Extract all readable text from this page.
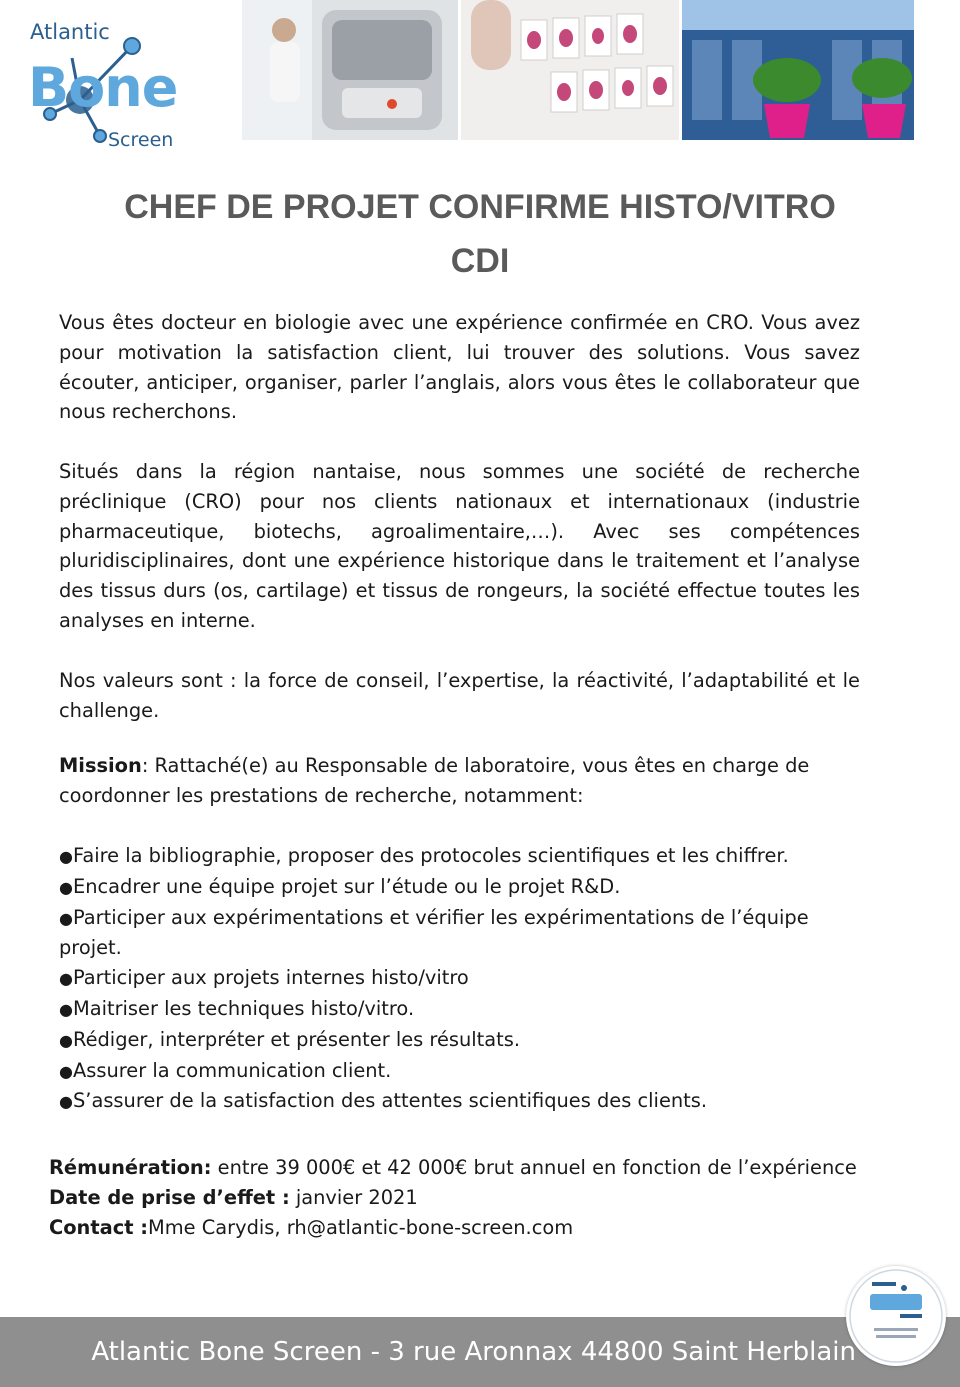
Atlantic
Bone
Screen
CHEF DE PROJET CONFIRME HISTO/VITRO
CDI

Vous êtes docteur en biologie avec une expérience confirmée en CRO. Vous avez pour motivation la satisfaction client, lui trouver des solutions. Vous savez écouter, anticiper, organiser, parler l’anglais, alors vous êtes le collaborateur que nous recherchons.

Situés dans la région nantaise, nous sommes une société de recherche préclinique (CRO) pour nos clients nationaux et internationaux (industrie pharmaceutique, biotechs, agroalimentaire,…). Avec ses compétences pluridisciplinaires, dont une expérience historique dans le traitement et l’analyse des tissus durs (os, cartilage) et tissus de rongeurs, la société effectue toutes les analyses en interne.

Nos valeurs sont : la force de conseil, l’expertise, la réactivité, l’adaptabilité et le challenge.

Mission: Rattaché(e) au Responsable de laboratoire, vous êtes en charge de coordonner les prestations de recherche, notamment:

●Faire la bibliographie, proposer des protocoles scientifiques et les chiffrer.
●Encadrer une équipe projet sur l’étude ou le projet R&D.
●Participer aux expérimentations et vérifier les expérimentations de l’équipe projet.
●Participer aux projets internes histo/vitro
●Maitriser les techniques histo/vitro.
●Rédiger, interpréter et présenter les résultats.
●Assurer la communication client.
●S’assurer de la satisfaction des attentes scientifiques des clients.
Rémunération: entre 39 000€ et 42 000€ brut annuel en fonction de l’expérience
Date de prise d’effet : janvier 2021
Contact :Mme Carydis, rh@atlantic-bone-screen.com
Atlantic Bone Screen - 3 rue Aronnax 44800 Saint Herblain
